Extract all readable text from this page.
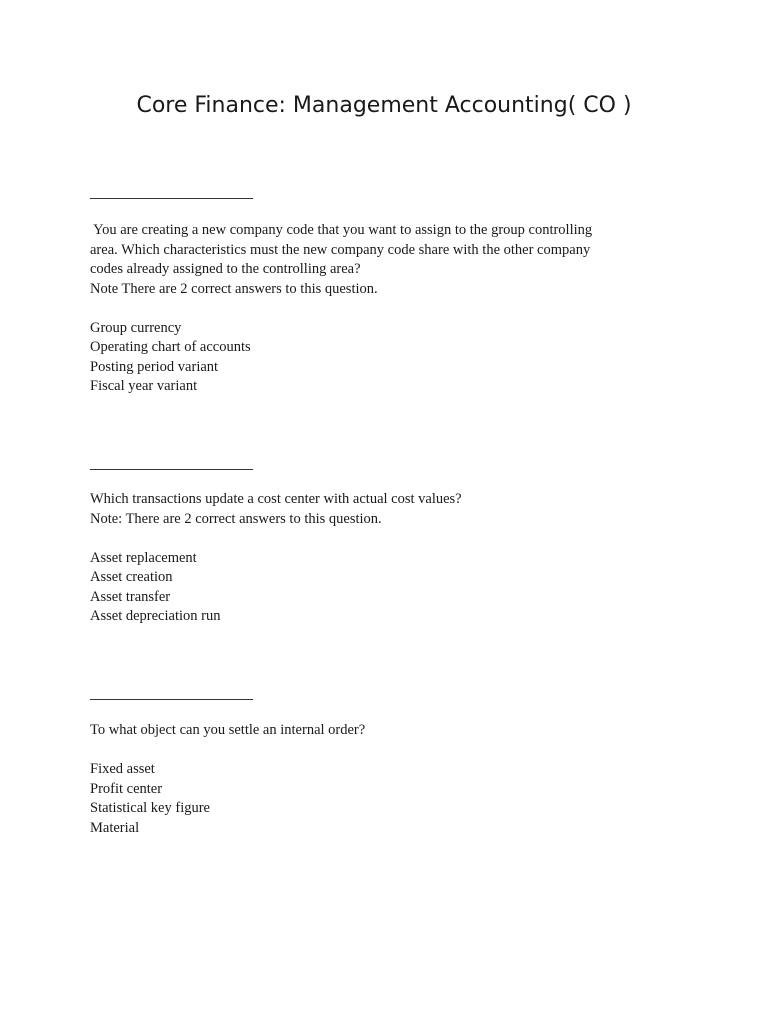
Core Finance: Management Accounting( CO )

You are creating a new company code that you want to assign to the group controlling
area. Which characteristics must the new company code share with the other company
codes already assigned to the controlling area?
Note There are 2 correct answers to this question.

Group currency
Operating chart of accounts
Posting period variant
Fiscal year variant

Which transactions update a cost center with actual cost values?
Note: There are 2 correct answers to this question.

Asset replacement
Asset creation
Asset transfer
Asset depreciation run

To what object can you settle an internal order?

Fixed asset
Profit center
Statistical key figure
Material
